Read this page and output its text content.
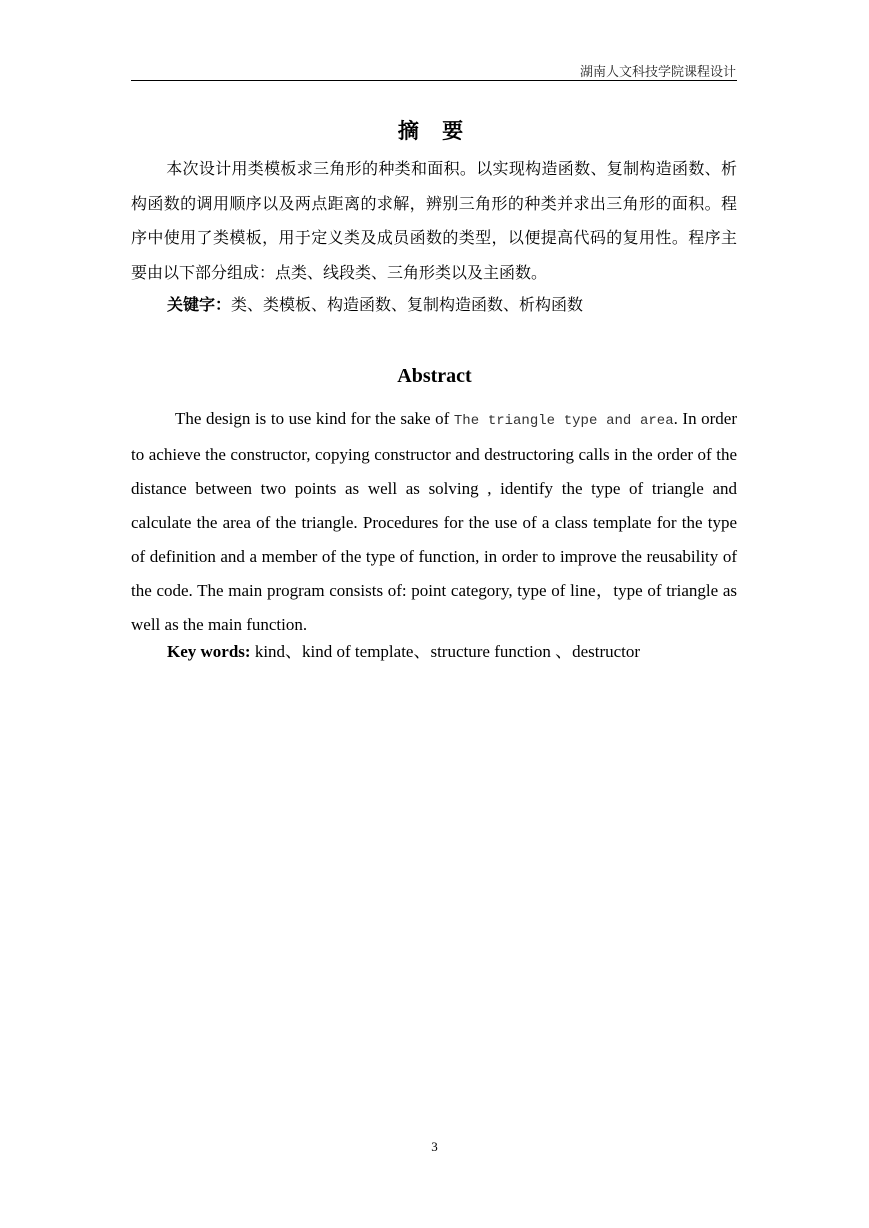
湖南人文科技学院课程设计
摘 要

本次设计用类模板求三角形的种类和面积。以实现构造函数、复制构造函数、析构函数的调用顺序以及两点距离的求解，辨别三角形的种类并求出三角形的面积。程序中使用了类模板，用于定义类及成员函数的类型，以便提高代码的复用性。程序主要由以下部分组成：点类、线段类、三角形类以及主函数。

关键字：类、类模板、构造函数、复制构造函数、析构函数
Abstract

The design is to use kind for the sake of The triangle type and area. In order to achieve the constructor, copying constructor and destructoring calls in the order of the distance between two points as well as solving , identify the type of triangle and calculate the area of the triangle. Procedures for the use of a class template for the type of definition and a member of the type of function, in order to improve the reusability of the code. The main program consists of: point category, type of line，type of triangle as well as the main function.

Key words: kind、kind of template、structure function 、destructor
3
